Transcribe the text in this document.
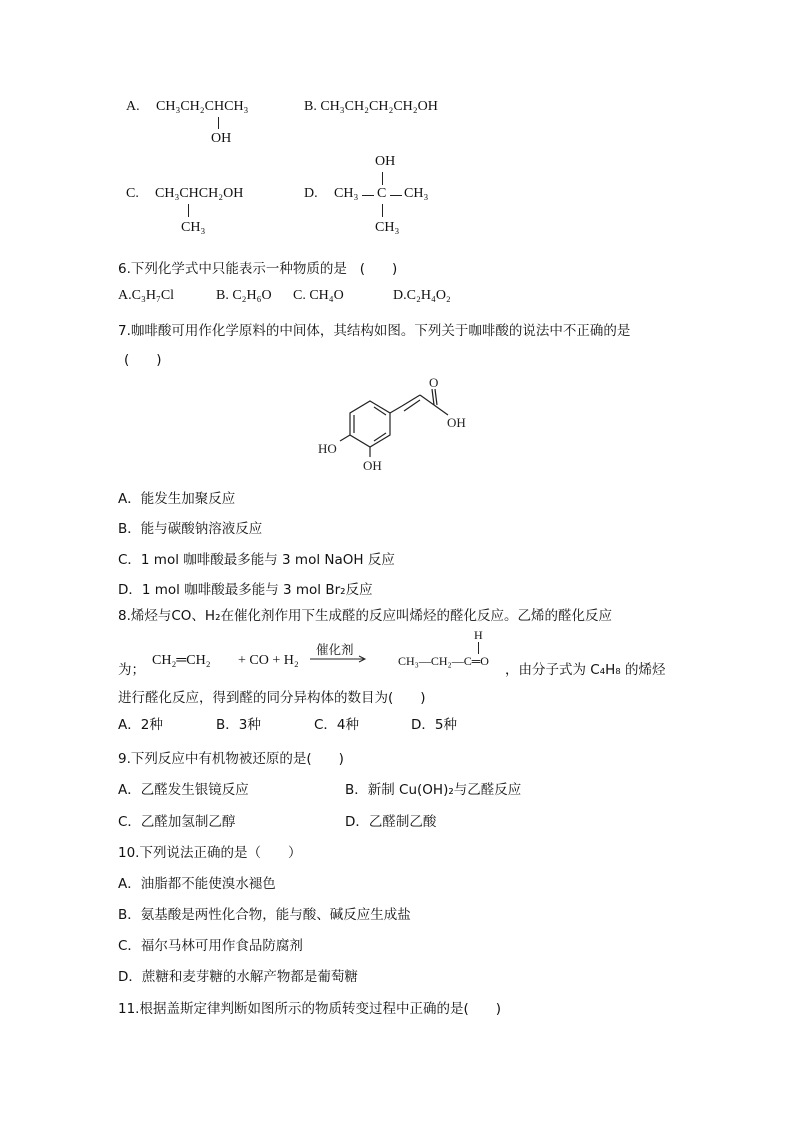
A. CH₃CH₂CHCH₃
OH
B. CH₃CH₂CH₂CH₂OH
C. CH₃CHCH₂OH
CH₃
D. CH₃ C CH₃
OH
CH₃
6.下列化学式中只能表示一种物质的是 (　　)
A.C₃H₇Cl	B. C₂H₆O C. CH₄O	D.C₂H₄O₂
7.咖啡酸可用作化学原料的中间体，其结构如图。下列关于咖啡酸的说法中不正确的是
(　　)
O
OH
HO
OH
A．能发生加聚反应
B．能与碳酸钠溶液反应
C．1 mol 咖啡酸最多能与 3 mol NaOH 反应
D．1 mol 咖啡酸最多能与 3 mol Br₂反应
8.烯烃与CO、H₂在催化剂作用下生成醛的反应叫烯烃的醛化反应。乙烯的醛化反应
为；
CH₂═CH₂ + CO + H₂
催化剂
H
CH₃—CH₂—C═O
，由分子式为 C₄H₈ 的烯烃
进行醛化反应，得到醛的同分异构体的数目为(　　)
A．2种	B．3种	C．4种	D．5种
9.下列反应中有机物被还原的是(　　)
A．乙醛发生银镜反应	B．新制 Cu(OH)₂与乙醛反应
C．乙醛加氢制乙醇	D．乙醛制乙酸
10.下列说法正确的是（　　）
A．油脂都不能使溴水褪色
B．氨基酸是两性化合物，能与酸、碱反应生成盐
C．福尔马林可用作食品防腐剂
D．蔗糖和麦芽糖的水解产物都是葡萄糖
11.根据盖斯定律判断如图所示的物质转变过程中正确的是(　　)
